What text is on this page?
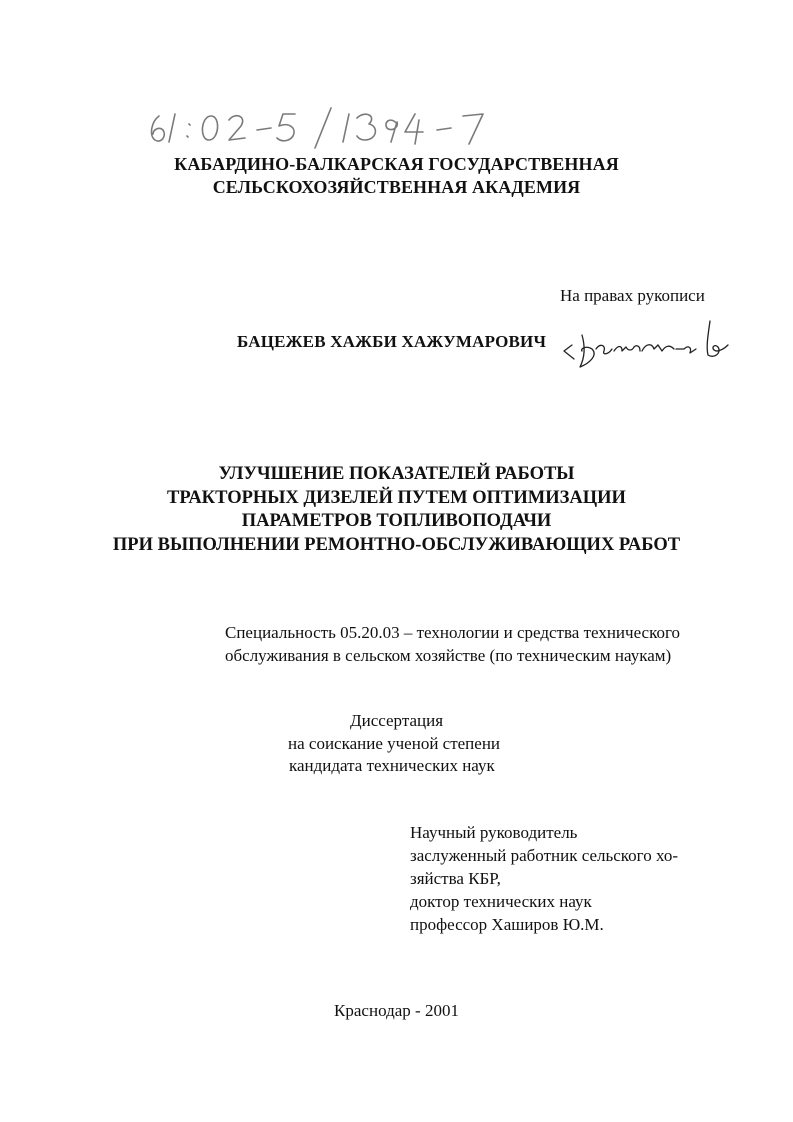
КАБАРДИНО-БАЛКАРСКАЯ ГОСУДАРСТВЕННАЯ
СЕЛЬСКОХОЗЯЙСТВЕННАЯ АКАДЕМИЯ
На правах рукописи
БАЦЕЖЕВ ХАЖБИ ХАЖУМАРОВИЧ
УЛУЧШЕНИЕ ПОКАЗАТЕЛЕЙ РАБОТЫ
ТРАКТОРНЫХ ДИЗЕЛЕЙ ПУТЕМ ОПТИМИЗАЦИИ
ПАРАМЕТРОВ ТОПЛИВОПОДАЧИ
ПРИ ВЫПОЛНЕНИИ РЕМОНТНО-ОБСЛУЖИВАЮЩИХ РАБОТ
Специальность 05.20.03 – технологии и средства технического
обслуживания в сельском хозяйстве (по техническим наукам)
Диссертация
на соискание ученой степени
кандидата технических наук
Научный руководитель
заслуженный работник сельского хо-
зяйства КБР,
доктор технических наук
профессор Хаширов Ю.М.
Краснодар - 2001
